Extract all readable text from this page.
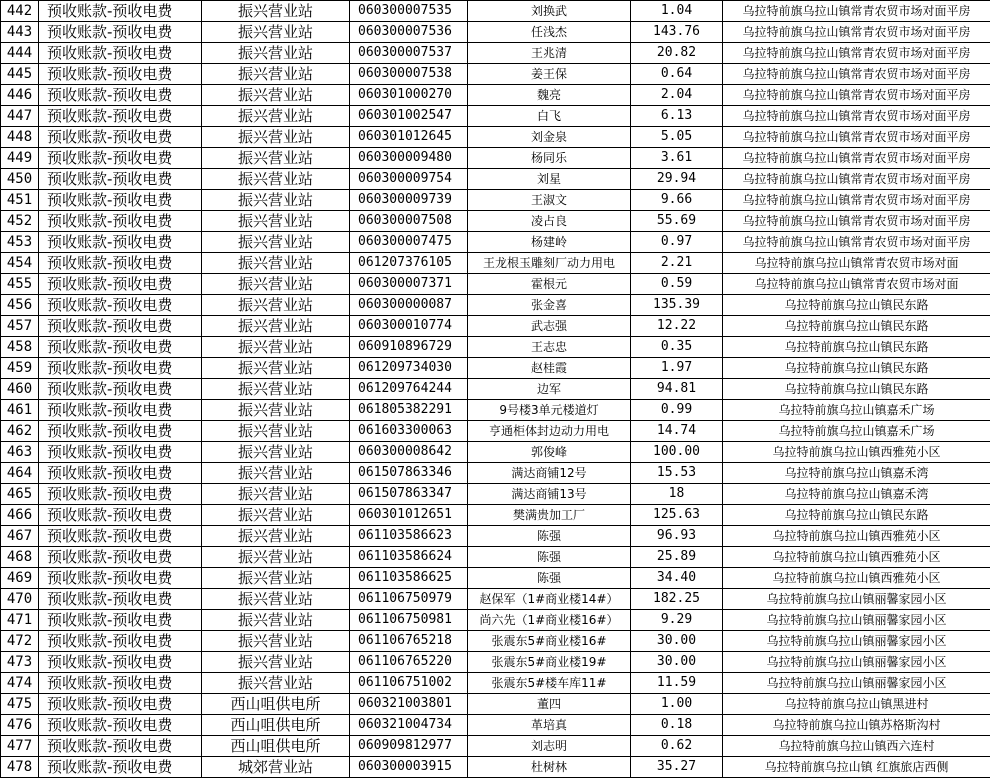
442	预收账款-预收电费	振兴营业站	060300007535	刘换武	1.04	乌拉特前旗乌拉山镇常青农贸市场对面平房
443	预收账款-预收电费	振兴营业站	060300007536	任浅杰	143.76	乌拉特前旗乌拉山镇常青农贸市场对面平房
444	预收账款-预收电费	振兴营业站	060300007537	王兆清	20.82	乌拉特前旗乌拉山镇常青农贸市场对面平房
445	预收账款-预收电费	振兴营业站	060300007538	姜王保	0.64	乌拉特前旗乌拉山镇常青农贸市场对面平房
446	预收账款-预收电费	振兴营业站	060301000270	魏亮	2.04	乌拉特前旗乌拉山镇常青农贸市场对面平房
447	预收账款-预收电费	振兴营业站	060301002547	白飞	6.13	乌拉特前旗乌拉山镇常青农贸市场对面平房
448	预收账款-预收电费	振兴营业站	060301012645	刘金泉	5.05	乌拉特前旗乌拉山镇常青农贸市场对面平房
449	预收账款-预收电费	振兴营业站	060300009480	杨同乐	3.61	乌拉特前旗乌拉山镇常青农贸市场对面平房
450	预收账款-预收电费	振兴营业站	060300009754	刘星	29.94	乌拉特前旗乌拉山镇常青农贸市场对面平房
451	预收账款-预收电费	振兴营业站	060300009739	王淑文	9.66	乌拉特前旗乌拉山镇常青农贸市场对面平房
452	预收账款-预收电费	振兴营业站	060300007508	凌占良	55.69	乌拉特前旗乌拉山镇常青农贸市场对面平房
453	预收账款-预收电费	振兴营业站	060300007475	杨建岭	0.97	乌拉特前旗乌拉山镇常青农贸市场对面平房
454	预收账款-预收电费	振兴营业站	061207376105	王龙根玉雕刻厂动力用电	2.21	乌拉特前旗乌拉山镇常青农贸市场对面
455	预收账款-预收电费	振兴营业站	060300007371	霍根元	0.59	乌拉特前旗乌拉山镇常青农贸市场对面
456	预收账款-预收电费	振兴营业站	060300000087	张金喜	135.39	乌拉特前旗乌拉山镇民东路
457	预收账款-预收电费	振兴营业站	060300010774	武志强	12.22	乌拉特前旗乌拉山镇民东路
458	预收账款-预收电费	振兴营业站	060910896729	王志忠	0.35	乌拉特前旗乌拉山镇民东路
459	预收账款-预收电费	振兴营业站	061209734030	赵桂霞	1.97	乌拉特前旗乌拉山镇民东路
460	预收账款-预收电费	振兴营业站	061209764244	边军	94.81	乌拉特前旗乌拉山镇民东路
461	预收账款-预收电费	振兴营业站	061805382291	9号楼3单元楼道灯	0.99	乌拉特前旗乌拉山镇嘉禾广场
462	预收账款-预收电费	振兴营业站	061603300063	亨通柜体封边动力用电	14.74	乌拉特前旗乌拉山镇嘉禾广场
463	预收账款-预收电费	振兴营业站	060300008642	郭俊峰	100.00	乌拉特前旗乌拉山镇西雅苑小区
464	预收账款-预收电费	振兴营业站	061507863346	满达商铺12号	15.53	乌拉特前旗乌拉山镇嘉禾湾
465	预收账款-预收电费	振兴营业站	061507863347	满达商铺13号	18	乌拉特前旗乌拉山镇嘉禾湾
466	预收账款-预收电费	振兴营业站	060301012651	樊满贵加工厂	125.63	乌拉特前旗乌拉山镇民东路
467	预收账款-预收电费	振兴营业站	061103586623	陈强	96.93	乌拉特前旗乌拉山镇西雅苑小区
468	预收账款-预收电费	振兴营业站	061103586624	陈强	25.89	乌拉特前旗乌拉山镇西雅苑小区
469	预收账款-预收电费	振兴营业站	061103586625	陈强	34.40	乌拉特前旗乌拉山镇西雅苑小区
470	预收账款-预收电费	振兴营业站	061106750979	赵保军（1#商业楼14#）	182.25	乌拉特前旗乌拉山镇丽馨家园小区
471	预收账款-预收电费	振兴营业站	061106750981	尚六先（1#商业楼16#）	9.29	乌拉特前旗乌拉山镇丽馨家园小区
472	预收账款-预收电费	振兴营业站	061106765218	张震东5#商业楼16#	30.00	乌拉特前旗乌拉山镇丽馨家园小区
473	预收账款-预收电费	振兴营业站	061106765220	张震东5#商业楼19#	30.00	乌拉特前旗乌拉山镇丽馨家园小区
474	预收账款-预收电费	振兴营业站	061106751002	张震东5#楼车库11#	11.59	乌拉特前旗乌拉山镇丽馨家园小区
475	预收账款-预收电费	西山咀供电所	060321003801	董四	1.00	乌拉特前旗乌拉山镇黑进村
476	预收账款-预收电费	西山咀供电所	060321004734	革培真	0.18	乌拉特前旗乌拉山镇苏格斯沟村
477	预收账款-预收电费	西山咀供电所	060909812977	刘志明	0.62	乌拉特前旗乌拉山镇西六连村
478	预收账款-预收电费	城郊营业站	060300003915	杜树林	35.27	乌拉特前旗乌拉山镇 红旗旅店西侧
